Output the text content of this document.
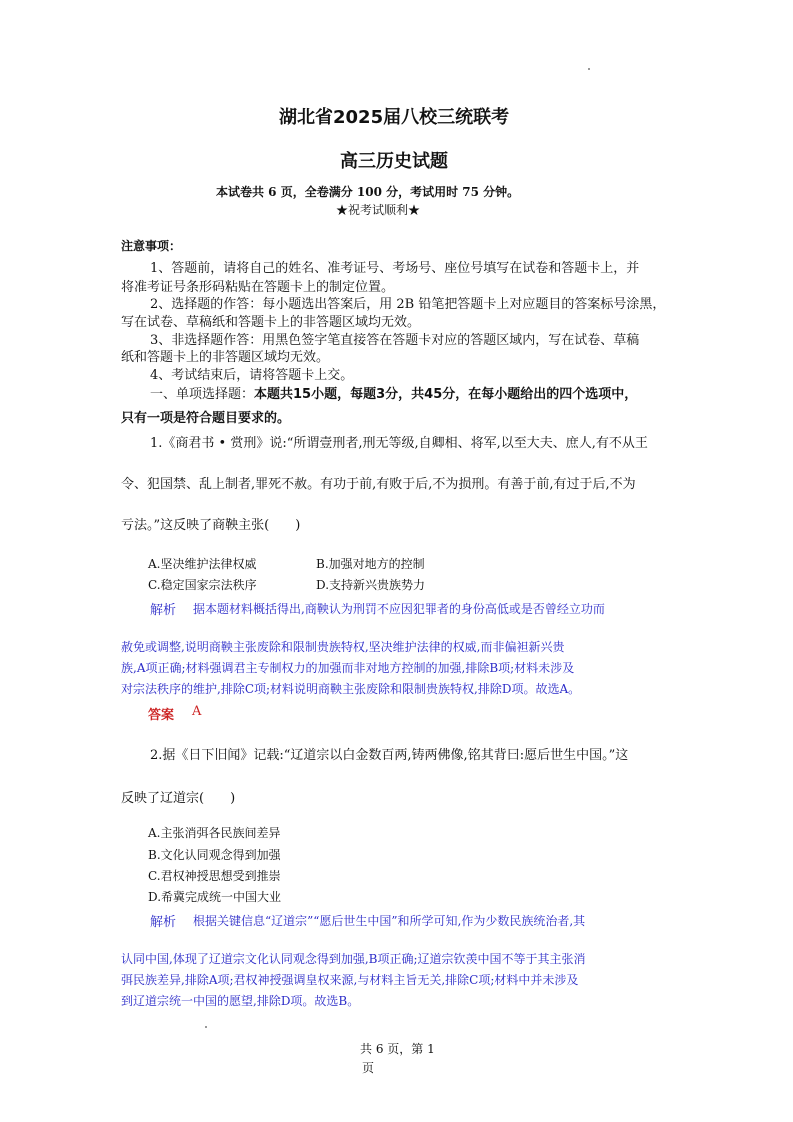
湖北省2025届八校三统联考
高三历史试题
本试卷共 6 页，全卷满分 100 分，考试用时 75 分钟。
★祝考试顺利★
注意事项：
1、答题前，请将自己的姓名、准考证号、考场号、座位号填写在试卷和答题卡上，并
将准考证号条形码粘贴在答题卡上的制定位置。
2、选择题的作答：每小题选出答案后，用 2B 铅笔把答题卡上对应题目的答案标号涂黑，
写在试卷、草稿纸和答题卡上的非答题区域均无效。
3、非选择题作答：用黑色签字笔直接答在答题卡对应的答题区域内，写在试卷、草稿
纸和答题卡上的非答题区域均无效。
4、考试结束后，请将答题卡上交。
一、单项选择题：本题共15小题，每题3分，共45分，在每小题给出的四个选项中，
只有一项是符合题目要求的。
1.《商君书 • 赏刑》说:“所谓壹刑者,刑无等级,自卿相、将军,以至大夫、庶人,有不从王
令、犯国禁、乱上制者,罪死不赦。有功于前,有败于后,不为损刑。有善于前,有过于后,不为
亏法。”这反映了商鞅主张(　　)
A.坚决维护法律权威	B.加强对地方的控制
C.稳定国家宗法秩序	D.支持新兴贵族势力
解析 据本题材料概括得出,商鞅认为刑罚不应因犯罪者的身份高低或是否曾经立功而
赦免或调整,说明商鞅主张废除和限制贵族特权,坚决维护法律的权威,而非偏袒新兴贵
族,A项正确;材料强调君主专制权力的加强而非对地方控制的加强,排除B项;材料未涉及
对宗法秩序的维护,排除C项;材料说明商鞅主张废除和限制贵族特权,排除D项。故选A。
答案 A
2.据《日下旧闻》记载:“辽道宗以白金数百两,铸两佛像,铭其背曰:愿后世生中国。”这
反映了辽道宗(　　)
A.主张消弭各民族间差异
B.文化认同观念得到加强
C.君权神授思想受到推崇
D.希冀完成统一中国大业
解析 根据关键信息“辽道宗”“愿后世生中国”和所学可知,作为少数民族统治者,其
认同中国,体现了辽道宗文化认同观念得到加强,B项正确;辽道宗钦羡中国不等于其主张消
弭民族差异,排除A项;君权神授强调皇权来源,与材料主旨无关,排除C项;材料中并未涉及
到辽道宗统一中国的愿望,排除D项。故选B。
共 6 页，第 1
页
